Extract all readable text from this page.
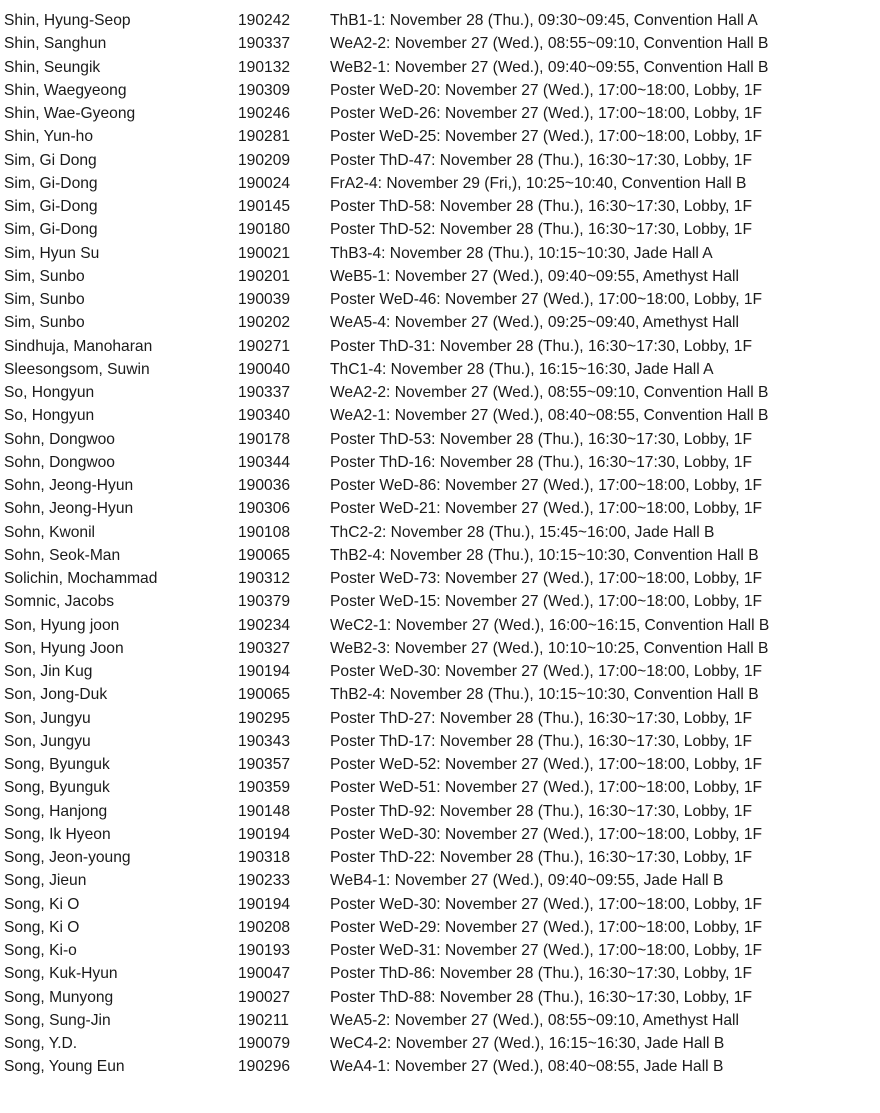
Shin, Hyung-Seop	190242	ThB1-1: November 28 (Thu.), 09:30~09:45, Convention Hall A
Shin, Sanghun	190337	WeA2-2: November 27 (Wed.), 08:55~09:10, Convention Hall B
Shin, Seungik	190132	WeB2-1: November 27 (Wed.), 09:40~09:55, Convention Hall B
Shin, Waegyeong	190309	Poster WeD-20: November 27 (Wed.), 17:00~18:00, Lobby, 1F
Shin, Wae-Gyeong	190246	Poster WeD-26: November 27 (Wed.), 17:00~18:00, Lobby, 1F
Shin, Yun-ho	190281	Poster WeD-25: November 27 (Wed.), 17:00~18:00, Lobby, 1F
Sim, Gi Dong	190209	Poster ThD-47: November 28 (Thu.), 16:30~17:30, Lobby, 1F
Sim, Gi-Dong	190024	FrA2-4: November 29 (Fri,), 10:25~10:40, Convention Hall B
Sim, Gi-Dong	190145	Poster ThD-58: November 28 (Thu.), 16:30~17:30, Lobby, 1F
Sim, Gi-Dong	190180	Poster ThD-52: November 28 (Thu.), 16:30~17:30, Lobby, 1F
Sim, Hyun Su	190021	ThB3-4: November 28 (Thu.), 10:15~10:30, Jade Hall A
Sim, Sunbo	190201	WeB5-1: November 27 (Wed.), 09:40~09:55, Amethyst Hall
Sim, Sunbo	190039	Poster WeD-46: November 27 (Wed.), 17:00~18:00, Lobby, 1F
Sim, Sunbo	190202	WeA5-4: November 27 (Wed.), 09:25~09:40, Amethyst Hall
Sindhuja, Manoharan	190271	Poster ThD-31: November 28 (Thu.), 16:30~17:30, Lobby, 1F
Sleesongsom, Suwin	190040	ThC1-4: November 28 (Thu.), 16:15~16:30, Jade Hall A
So, Hongyun	190337	WeA2-2: November 27 (Wed.), 08:55~09:10, Convention Hall B
So, Hongyun	190340	WeA2-1: November 27 (Wed.), 08:40~08:55, Convention Hall B
Sohn, Dongwoo	190178	Poster ThD-53: November 28 (Thu.), 16:30~17:30, Lobby, 1F
Sohn, Dongwoo	190344	Poster ThD-16: November 28 (Thu.), 16:30~17:30, Lobby, 1F
Sohn, Jeong-Hyun	190036	Poster WeD-86: November 27 (Wed.), 17:00~18:00, Lobby, 1F
Sohn, Jeong-Hyun	190306	Poster WeD-21: November 27 (Wed.), 17:00~18:00, Lobby, 1F
Sohn, Kwonil	190108	ThC2-2: November 28 (Thu.), 15:45~16:00, Jade Hall B
Sohn, Seok-Man	190065	ThB2-4: November 28 (Thu.), 10:15~10:30, Convention Hall B
Solichin, Mochammad	190312	Poster WeD-73: November 27 (Wed.), 17:00~18:00, Lobby, 1F
Somnic, Jacobs	190379	Poster WeD-15: November 27 (Wed.), 17:00~18:00, Lobby, 1F
Son, Hyung joon	190234	WeC2-1: November 27 (Wed.), 16:00~16:15, Convention Hall B
Son, Hyung Joon	190327	WeB2-3: November 27 (Wed.), 10:10~10:25, Convention Hall B
Son, Jin Kug	190194	Poster WeD-30: November 27 (Wed.), 17:00~18:00, Lobby, 1F
Son, Jong-Duk	190065	ThB2-4: November 28 (Thu.), 10:15~10:30, Convention Hall B
Son, Jungyu	190295	Poster ThD-27: November 28 (Thu.), 16:30~17:30, Lobby, 1F
Son, Jungyu	190343	Poster ThD-17: November 28 (Thu.), 16:30~17:30, Lobby, 1F
Song, Byunguk	190357	Poster WeD-52: November 27 (Wed.), 17:00~18:00, Lobby, 1F
Song, Byunguk	190359	Poster WeD-51: November 27 (Wed.), 17:00~18:00, Lobby, 1F
Song, Hanjong	190148	Poster ThD-92: November 28 (Thu.), 16:30~17:30, Lobby, 1F
Song, Ik Hyeon	190194	Poster WeD-30: November 27 (Wed.), 17:00~18:00, Lobby, 1F
Song, Jeon-young	190318	Poster ThD-22: November 28 (Thu.), 16:30~17:30, Lobby, 1F
Song, Jieun	190233	WeB4-1: November 27 (Wed.), 09:40~09:55, Jade Hall B
Song, Ki O	190194	Poster WeD-30: November 27 (Wed.), 17:00~18:00, Lobby, 1F
Song, Ki O	190208	Poster WeD-29: November 27 (Wed.), 17:00~18:00, Lobby, 1F
Song, Ki-o	190193	Poster WeD-31: November 27 (Wed.), 17:00~18:00, Lobby, 1F
Song, Kuk-Hyun	190047	Poster ThD-86: November 28 (Thu.), 16:30~17:30, Lobby, 1F
Song, Munyong	190027	Poster ThD-88: November 28 (Thu.), 16:30~17:30, Lobby, 1F
Song, Sung-Jin	190211	WeA5-2: November 27 (Wed.), 08:55~09:10, Amethyst Hall
Song, Y.D.	190079	WeC4-2: November 27 (Wed.), 16:15~16:30, Jade Hall B
Song, Young Eun	190296	WeA4-1: November 27 (Wed.), 08:40~08:55, Jade Hall B
